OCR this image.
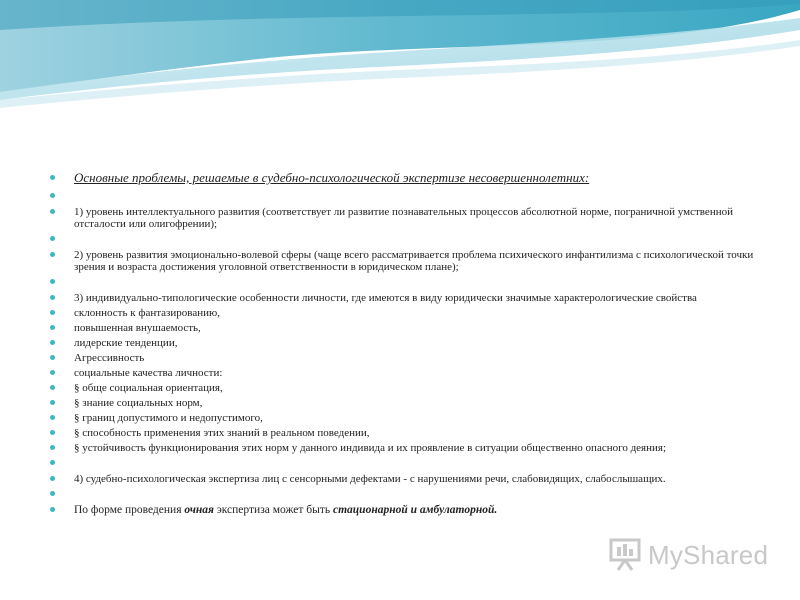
Основные проблемы, решаемые в судебно-психологической экспертизе несовершеннолетних:
1) уровень интеллектуального развития (соответствует ли развитие познавательных процессов абсолютной норме, пограничной умственной отсталости или олигофрении);
2) уровень развития эмоционально-волевой сферы (чаще всего рассматривается проблема психического инфантилизма с психологической точки зрения и возраста достижения уголовной ответственности в юридическом плане);
3) индивидуально-типологические особенности личности, где имеются в виду юридически значимые характерологические свойства
склонность к фантазированию,
повышенная внушаемость,
лидерские тенденции,
Агрессивность
социальные качества личности:
§ обще социальная ориентация,
§ знание социальных норм,
§ границ допустимого и недопустимого,
§ способность применения этих знаний в реальном поведении,
§ устойчивость функционирования этих норм у данного индивида и их проявление в ситуации общественно опасного деяния;
4) судебно-психологическая экспертиза лиц с сенсорными дефектами - с нарушениями речи, слабовидящих, слабослышащих.
По форме проведения очная экспертиза может быть стационарной и амбулаторной.
MyShared
